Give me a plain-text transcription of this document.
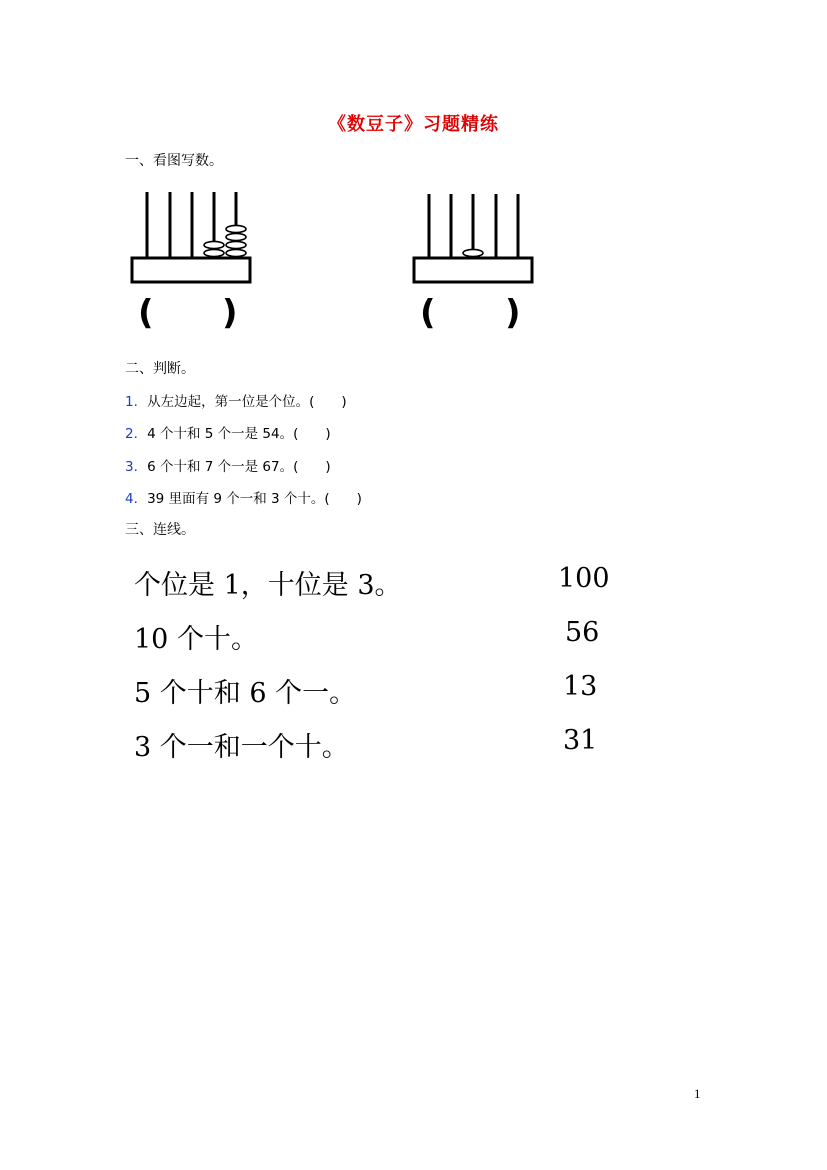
《数豆子》习题精练
一、看图写数。
( )	( )
二、判断。
1．从左边起，第一位是个位。(　　)
2．4 个十和 5 个一是 54。(　　)
3．6 个十和 7 个一是 67。(　　)
4．39 里面有 9 个一和 3 个十。(　　)
三、连线。
个位是 1，十位是 3。
10 个十。
5 个十和 6 个一。
3 个一和一个十。
100
56
13
31
1
